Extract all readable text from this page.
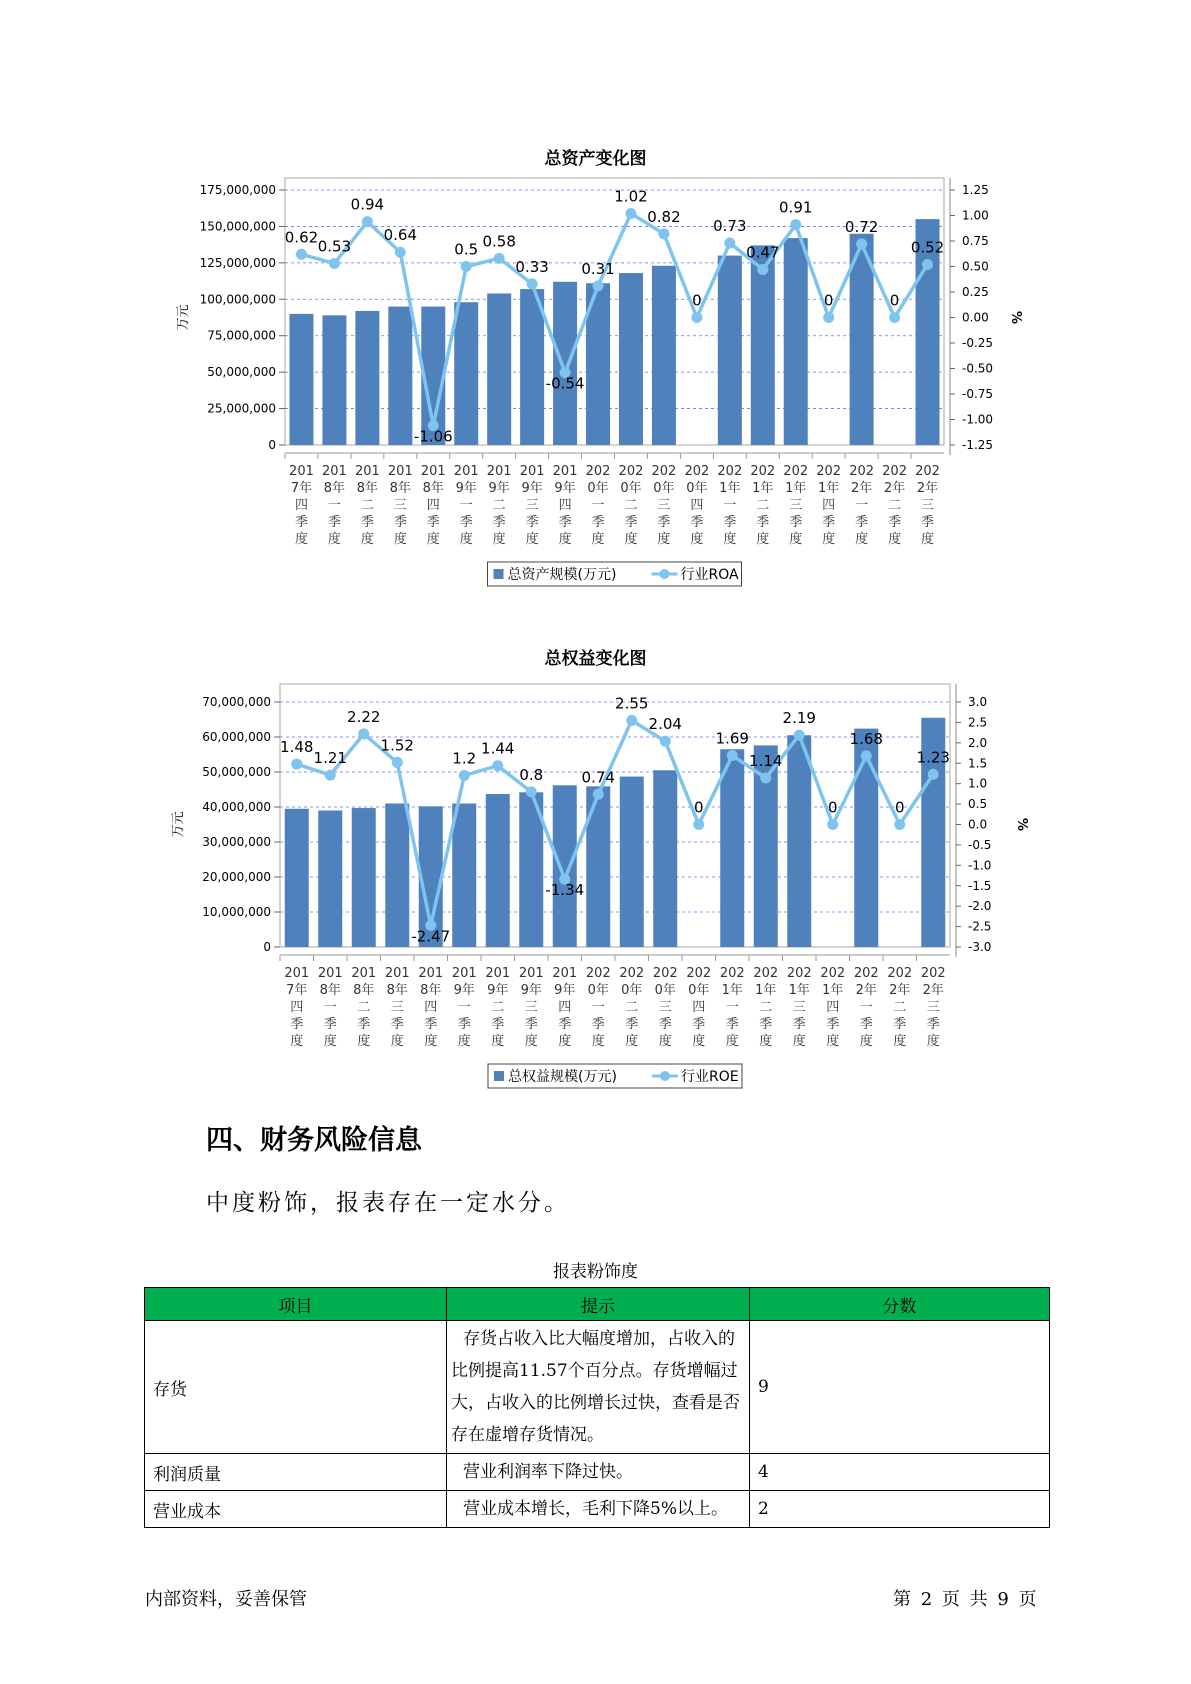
总资产变化图
175,000,000
150,000,000
125,000,000
100,000,000
75,000,000
50,000,000
25,000,000
0
万元
1.25
1.00
0.75
0.50
0.25
0.00
-0.25
-0.50
-0.75
-1.00
-1.25
%
0.62
0.53
0.94
0.64
-1.06
0.5 0.58
0.33
-0.54
0.31
1.02
0.82
0
0.73
0.47
0.91
0
0.72
0
0.52
201
7年
四
季
度
201
8年
一
季
度
201
8年
二
季
度
201
8年
三
季
度
201
8年
四
季
度
201
9年
一
季
度
201
9年
二
季
度
201
9年
三
季
度
201
9年
四
季
度
202
0年
一
季
度
202
0年
二
季
度
202
0年
三
季
度
202
0年
四
季
度
202
1年
一
季
度
202
1年
二
季
度
202
1年
三
季
度
202
1年
四
季
度
202
2年
一
季
度
202
2年
二
季
度
202
2年
三
季
度
总资产规模(万元)	行业ROA
总权益变化图
70,000,000
60,000,000
50,000,000
40,000,000
30,000,000
20,000,000
10,000,000
0
万元
3.0
2.5
2.0
1.5
1.0
0.5
0.0
-0.5
-1.0
-1.5
-2.0
-2.5
-3.0
%
1.48
1.21
2.22
1.52
-2.47
1.2
1.44
0.8
-1.34
0.74
2.55
2.04
0
1.69
1.14
2.19
0
1.68
0
1.23
201
7年
四
季
度
201
8年
一
季
度
201
8年
二
季
度
201
8年
三
季
度
201
8年
四
季
度
201
9年
一
季
度
201
9年
二
季
度
201
9年
三
季
度
201
9年
四
季
度
202
0年
一
季
度
202
0年
二
季
度
202
0年
三
季
度
202
0年
四
季
度
202
1年
一
季
度
202
1年
二
季
度
202
1年
三
季
度
202
1年
四
季
度
202
2年
一
季
度
202
2年
二
季
度
202
2年
三
季
度
总权益规模(万元)	行业ROE
四、财务风险信息
中度粉饰，报表存在一定水分。
报表粉饰度
项目	提示	分数
存货	存货占收入比大幅度增加，占收入的比例提高11.57个百分点。存货增幅过大，占收入的比例增长过快，查看是否存在虚增存货情况。	9
利润质量	营业利润率下降过快。	4
营业成本	营业成本增长，毛利下降5%以上。	2
内部资料，妥善保管	第 2 页 共 9 页
